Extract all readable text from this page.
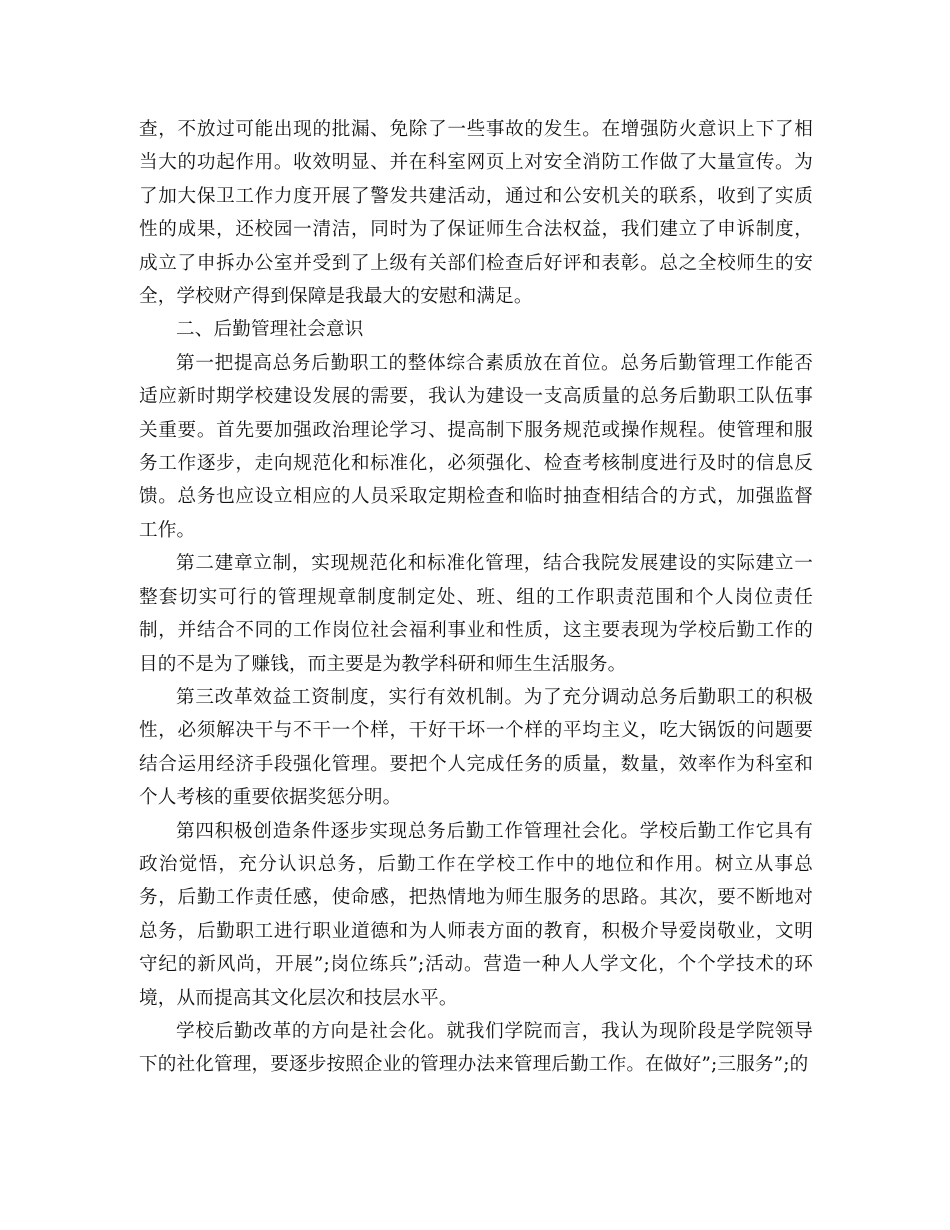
查，不放过可能出现的批漏、免除了一些事故的发生。在增强防火意识上下了相当大的功起作用。收效明显、并在科室网页上对安全消防工作做了大量宣传。为了加大保卫工作力度开展了警发共建活动，通过和公安机关的联系，收到了实质性的成果，还校园一清洁，同时为了保证师生合法权益，我们建立了申诉制度，成立了申拆办公室并受到了上级有关部们检查后好评和表彰。总之全校师生的安全，学校财产得到保障是我最大的安慰和满足。

二、后勤管理社会意识

第一把提高总务后勤职工的整体综合素质放在首位。总务后勤管理工作能否适应新时期学校建设发展的需要，我认为建设一支高质量的总务后勤职工队伍事关重要。首先要加强政治理论学习、提高制下服务规范或操作规程。使管理和服务工作逐步，走向规范化和标准化，必须强化、检查考核制度进行及时的信息反馈。总务也应设立相应的人员采取定期检查和临时抽查相结合的方式，加强监督工作。

第二建章立制，实现规范化和标准化管理，结合我院发展建设的实际建立一整套切实可行的管理规章制度制定处、班、组的工作职责范围和个人岗位责任制，并结合不同的工作岗位社会福利事业和性质，这主要表现为学校后勤工作的目的不是为了赚钱，而主要是为教学科研和师生生活服务。

第三改革效益工资制度，实行有效机制。为了充分调动总务后勤职工的积极性，必须解决干与不干一个样，干好干坏一个样的平均主义，吃大锅饭的问题要结合运用经济手段强化管理。要把个人完成任务的质量，数量，效率作为科室和个人考核的重要依据奖惩分明。

第四积极创造条件逐步实现总务后勤工作管理社会化。学校后勤工作它具有政治觉悟，充分认识总务，后勤工作在学校工作中的地位和作用。树立从事总务，后勤工作责任感，使命感，把热情地为师生服务的思路。其次，要不断地对总务，后勤职工进行职业道德和为人师表方面的教育，积极介导爱岗敬业，文明守纪的新风尚，开展”;岗位练兵”;活动。营造一种人人学文化，个个学技术的环境，从而提高其文化层次和技层水平。

学校后勤改革的方向是社会化。就我们学院而言，我认为现阶段是学院领导下的社化管理，要逐步按照企业的管理办法来管理后勤工作。在做好”;三服务”;的
